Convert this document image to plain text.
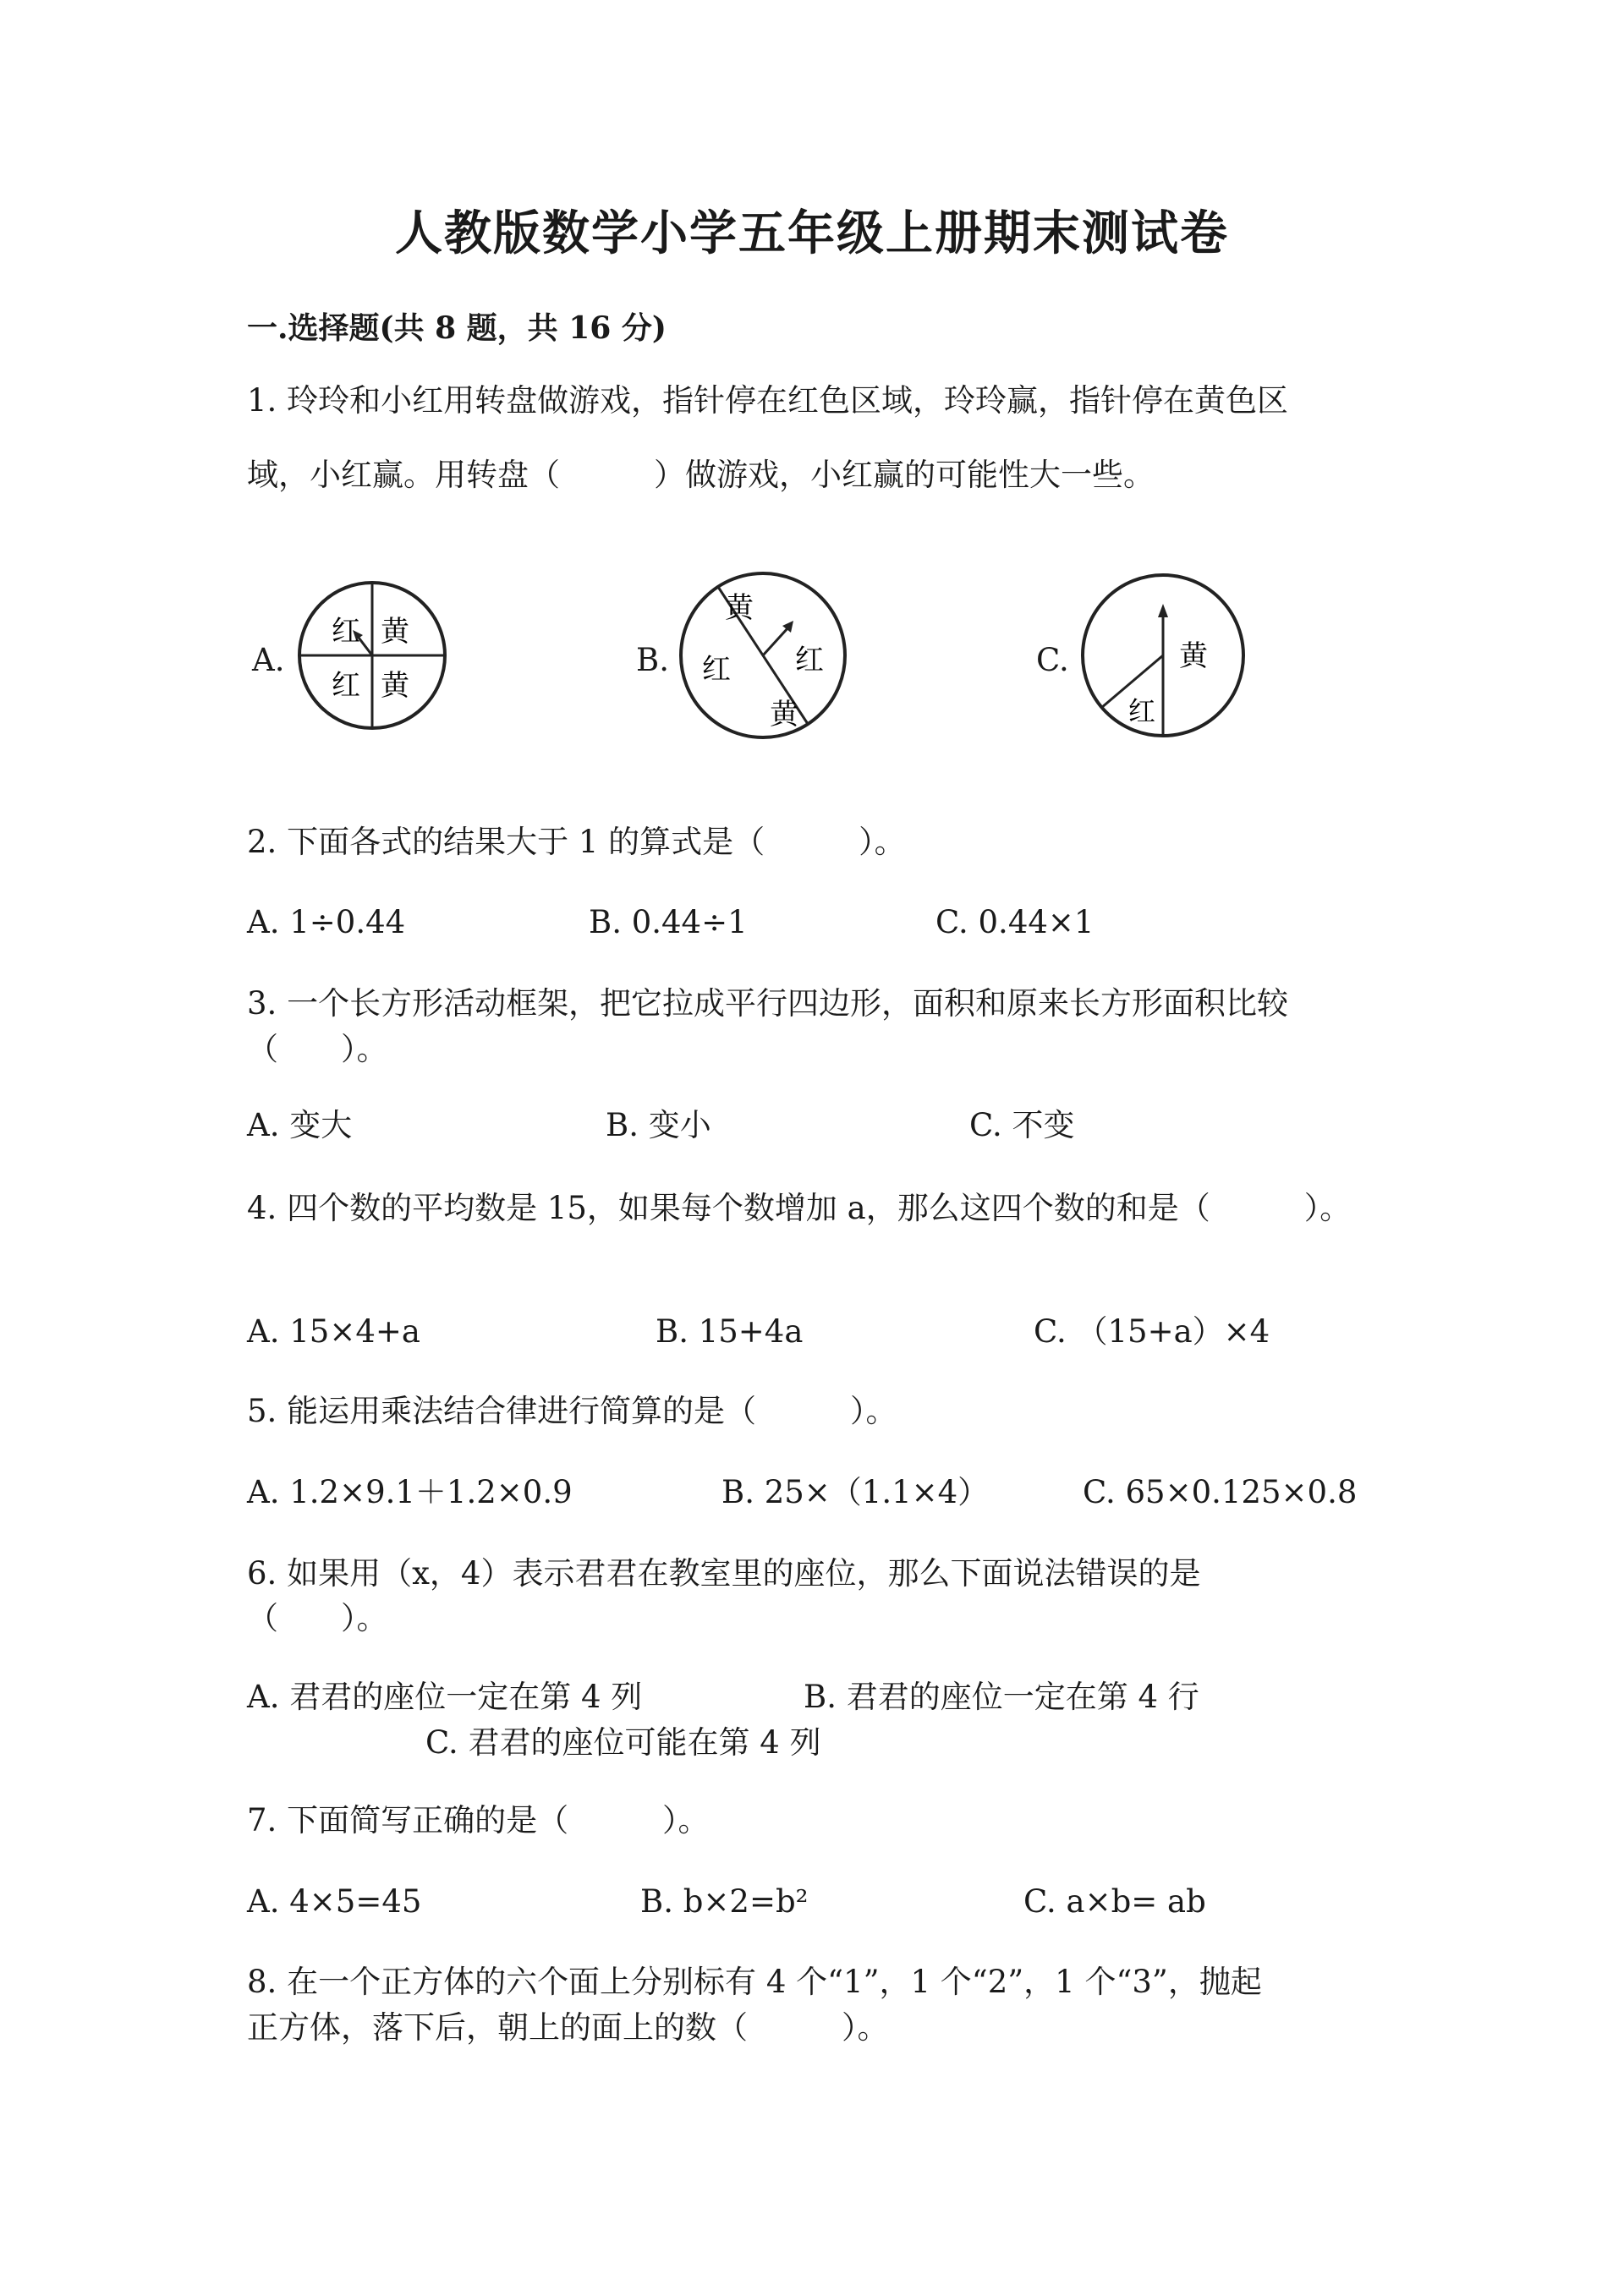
人教版数学小学五年级上册期末测试卷
一.选择题(共 8 题，共 16 分)
1. 玲玲和小红用转盘做游戏，指针停在红色区域，玲玲赢，指针停在黄色区
域，小红赢。用转盘（　　　）做游戏，小红赢的可能性大一些。
A.
红 黄
红 黄
B.
黄
红 红
黄
C.	黄
红
2. 下面各式的结果大于 1 的算式是（　　　）。
A. 1÷0.44	B. 0.44÷1	C. 0.44×1
3. 一个长方形活动框架，把它拉成平行四边形，面积和原来长方形面积比较
（　　）。
A. 变大	B. 变小	C. 不变
4. 四个数的平均数是 15，如果每个数增加 a，那么这四个数的和是（　　　）。
A. 15×4+a	B. 15+4a	C. （15+a）×4
5. 能运用乘法结合律进行简算的是（　　　）。
A. 1.2×9.1＋1.2×0.9	B. 25×（1.1×4）	C. 65×0.125×0.8
6. 如果用（x，4）表示君君在教室里的座位，那么下面说法错误的是
（　　）。
A. 君君的座位一定在第 4 列	B. 君君的座位一定在第 4 行
C. 君君的座位可能在第 4 列
7. 下面简写正确的是（　　　）。
A. 4×5=45	B. b×2=b²	C. a×b= ab
8. 在一个正方体的六个面上分别标有 4 个“1”，1 个“2”，1 个“3”，抛起
正方体，落下后，朝上的面上的数（　　　）。
